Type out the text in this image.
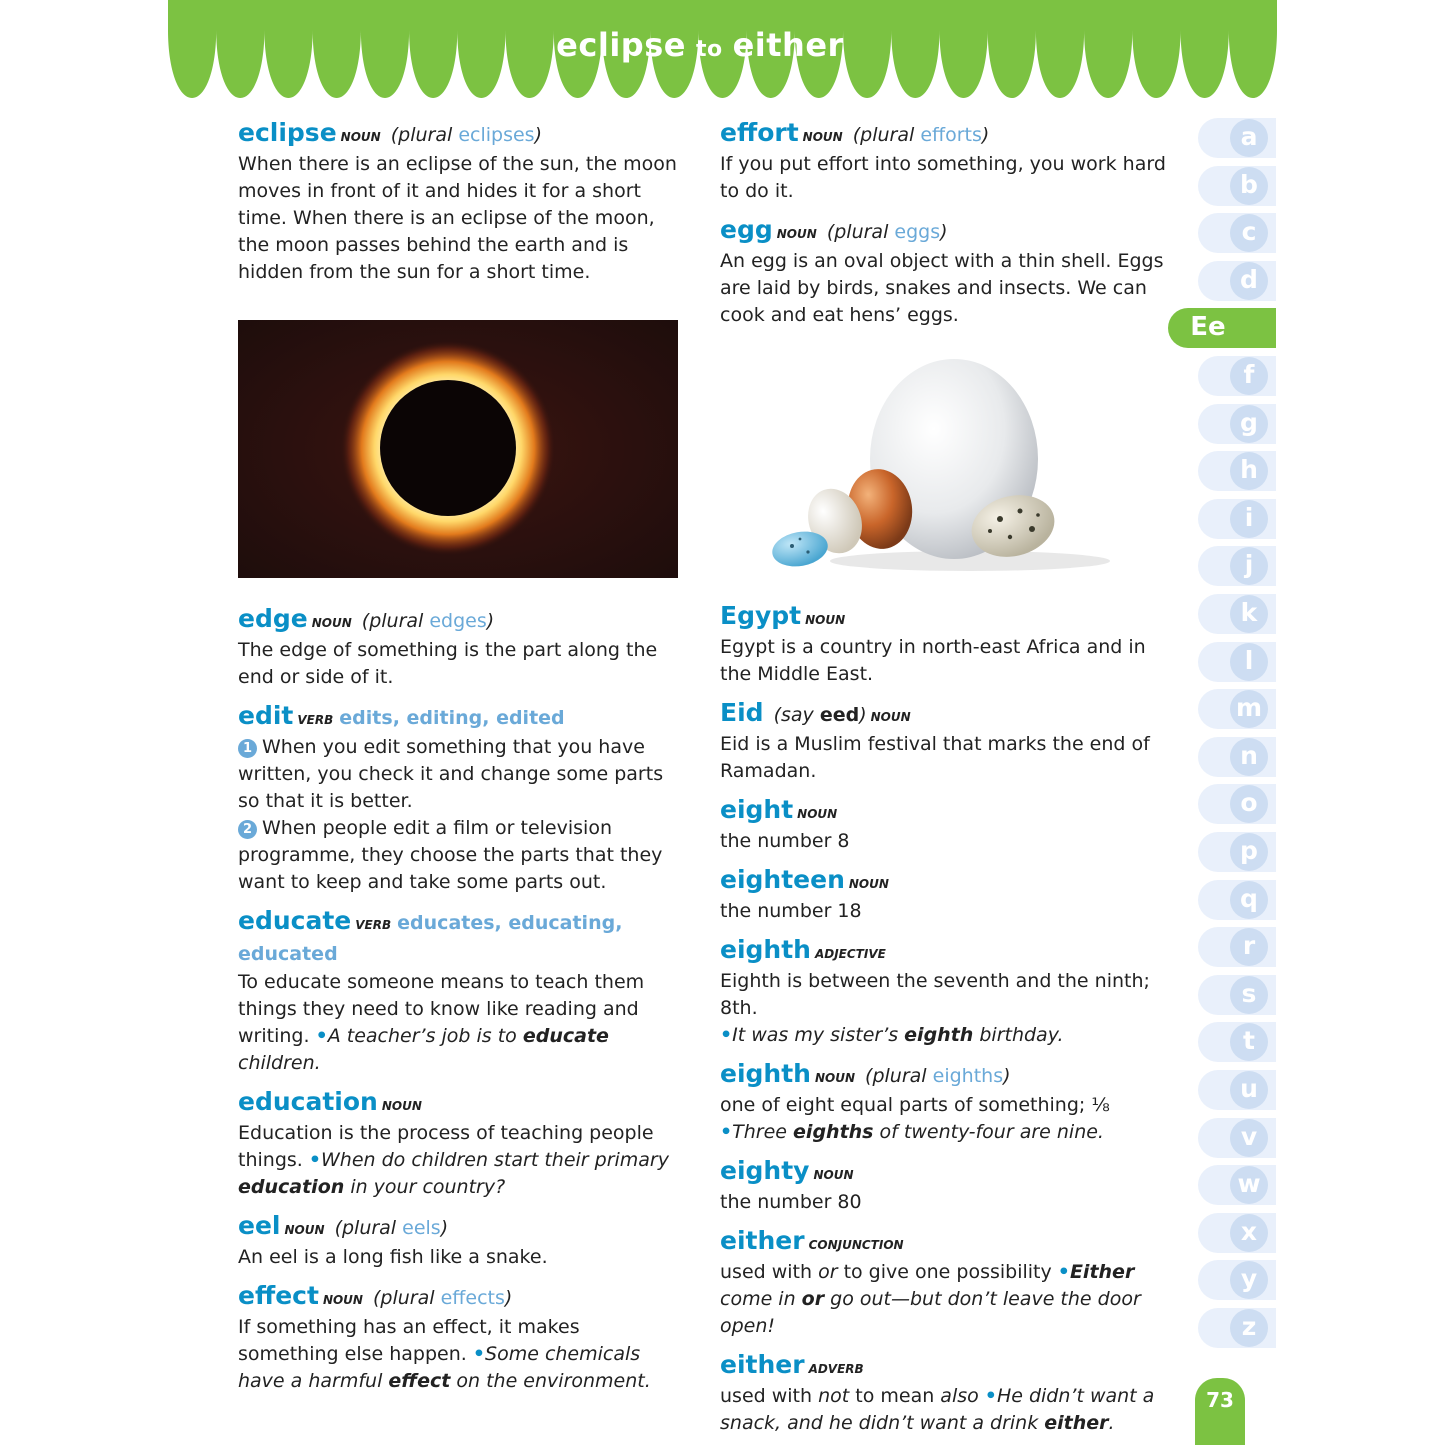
eclipse to either
eclipse noun (plural eclipses)

When there is an eclipse of the sun, the moon moves in front of it and hides it for a short time. When there is an eclipse of the moon, the moon passes behind the earth and is hidden from the sun for a short time.

edge noun (plural edges)

The edge of something is the part along the end or side of it.

edit verb edits, editing, edited

1 When you edit something that you have written, you check it and change some parts so that it is better.

2 When people edit a film or television programme, they choose the parts that they want to keep and take some parts out.

educate verb educates, educating, educated

To educate someone means to teach them things they need to know like reading and writing. •A teacher’s job is to educate children.

education noun

Education is the process of teaching people things. •When do children start their primary education in your country?

eel noun (plural eels)

An eel is a long fish like a snake.

effect noun (plural effects)

If something has an effect, it makes something else happen. •Some chemicals have a harmful effect on the environment.

effort noun (plural efforts)

If you put effort into something, you work hard to do it.

egg noun (plural eggs)

An egg is an oval object with a thin shell. Eggs are laid by birds, snakes and insects. We can cook and eat hens’ eggs.

Egypt noun

Egypt is a country in north-east Africa and in the Middle East.

Eid (say eed) noun

Eid is a Muslim festival that marks the end of Ramadan.

eight noun

the number 8

eighteen noun

the number 18

eighth adjective

Eighth is between the seventh and the ninth; 8th.
•It was my sister’s eighth birthday.

eighth noun (plural eighths)

one of eight equal parts of something; ⅛
•Three eighths of twenty-four are nine.

eighty noun

the number 80

either conjunction

used with or to give one possibility •Either come in or go out—but don’t leave the door open!

either adverb

used with not to mean also •He didn’t want a snack, and he didn’t want a drink either.

a
b
c
d
Ee
f
g
h
i
j
k
l
m
n
o
p
q
r
s
t
u
v
w
x
y
z
73
